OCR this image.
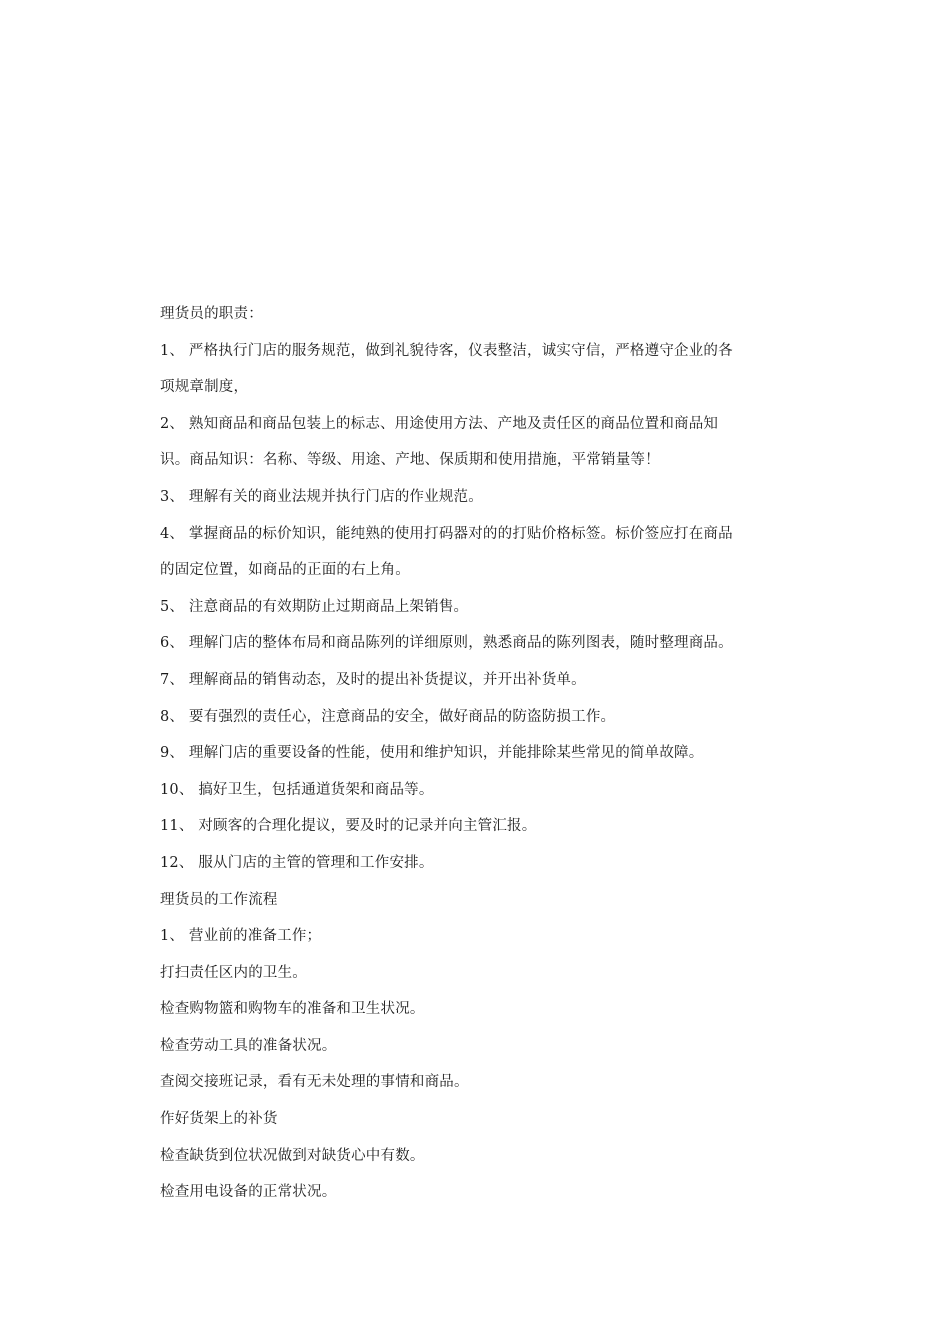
理货员的职责：
1、 严格执行门店的服务规范，做到礼貌待客，仪表整洁，诚实守信，严格遵守企业的各
项规章制度，
2、 熟知商品和商品包装上的标志、用途使用方法、产地及责任区的商品位置和商品知
识。商品知识：名称、等级、用途、产地、保质期和使用措施，平常销量等！
3、 理解有关的商业法规并执行门店的作业规范。
4、 掌握商品的标价知识，能纯熟的使用打码器对的的打贴价格标签。标价签应打在商品
的固定位置，如商品的正面的右上角。
5、 注意商品的有效期防止过期商品上架销售。
6、 理解门店的整体布局和商品陈列的详细原则，熟悉商品的陈列图表，随时整理商品。
7、 理解商品的销售动态，及时的提出补货提议，并开出补货单。
8、 要有强烈的责任心，注意商品的安全，做好商品的防盗防损工作。
9、 理解门店的重要设备的性能，使用和维护知识，并能排除某些常见的简单故障。
10、 搞好卫生，包括通道货架和商品等。
11、 对顾客的合理化提议，要及时的记录并向主管汇报。
12、 服从门店的主管的管理和工作安排。
理货员的工作流程
1、 营业前的准备工作；
打扫责任区内的卫生。
检查购物篮和购物车的准备和卫生状况。
检查劳动工具的准备状况。
查阅交接班记录，看有无未处理的事情和商品。
作好货架上的补货
检查缺货到位状况做到对缺货心中有数。
检查用电设备的正常状况。
